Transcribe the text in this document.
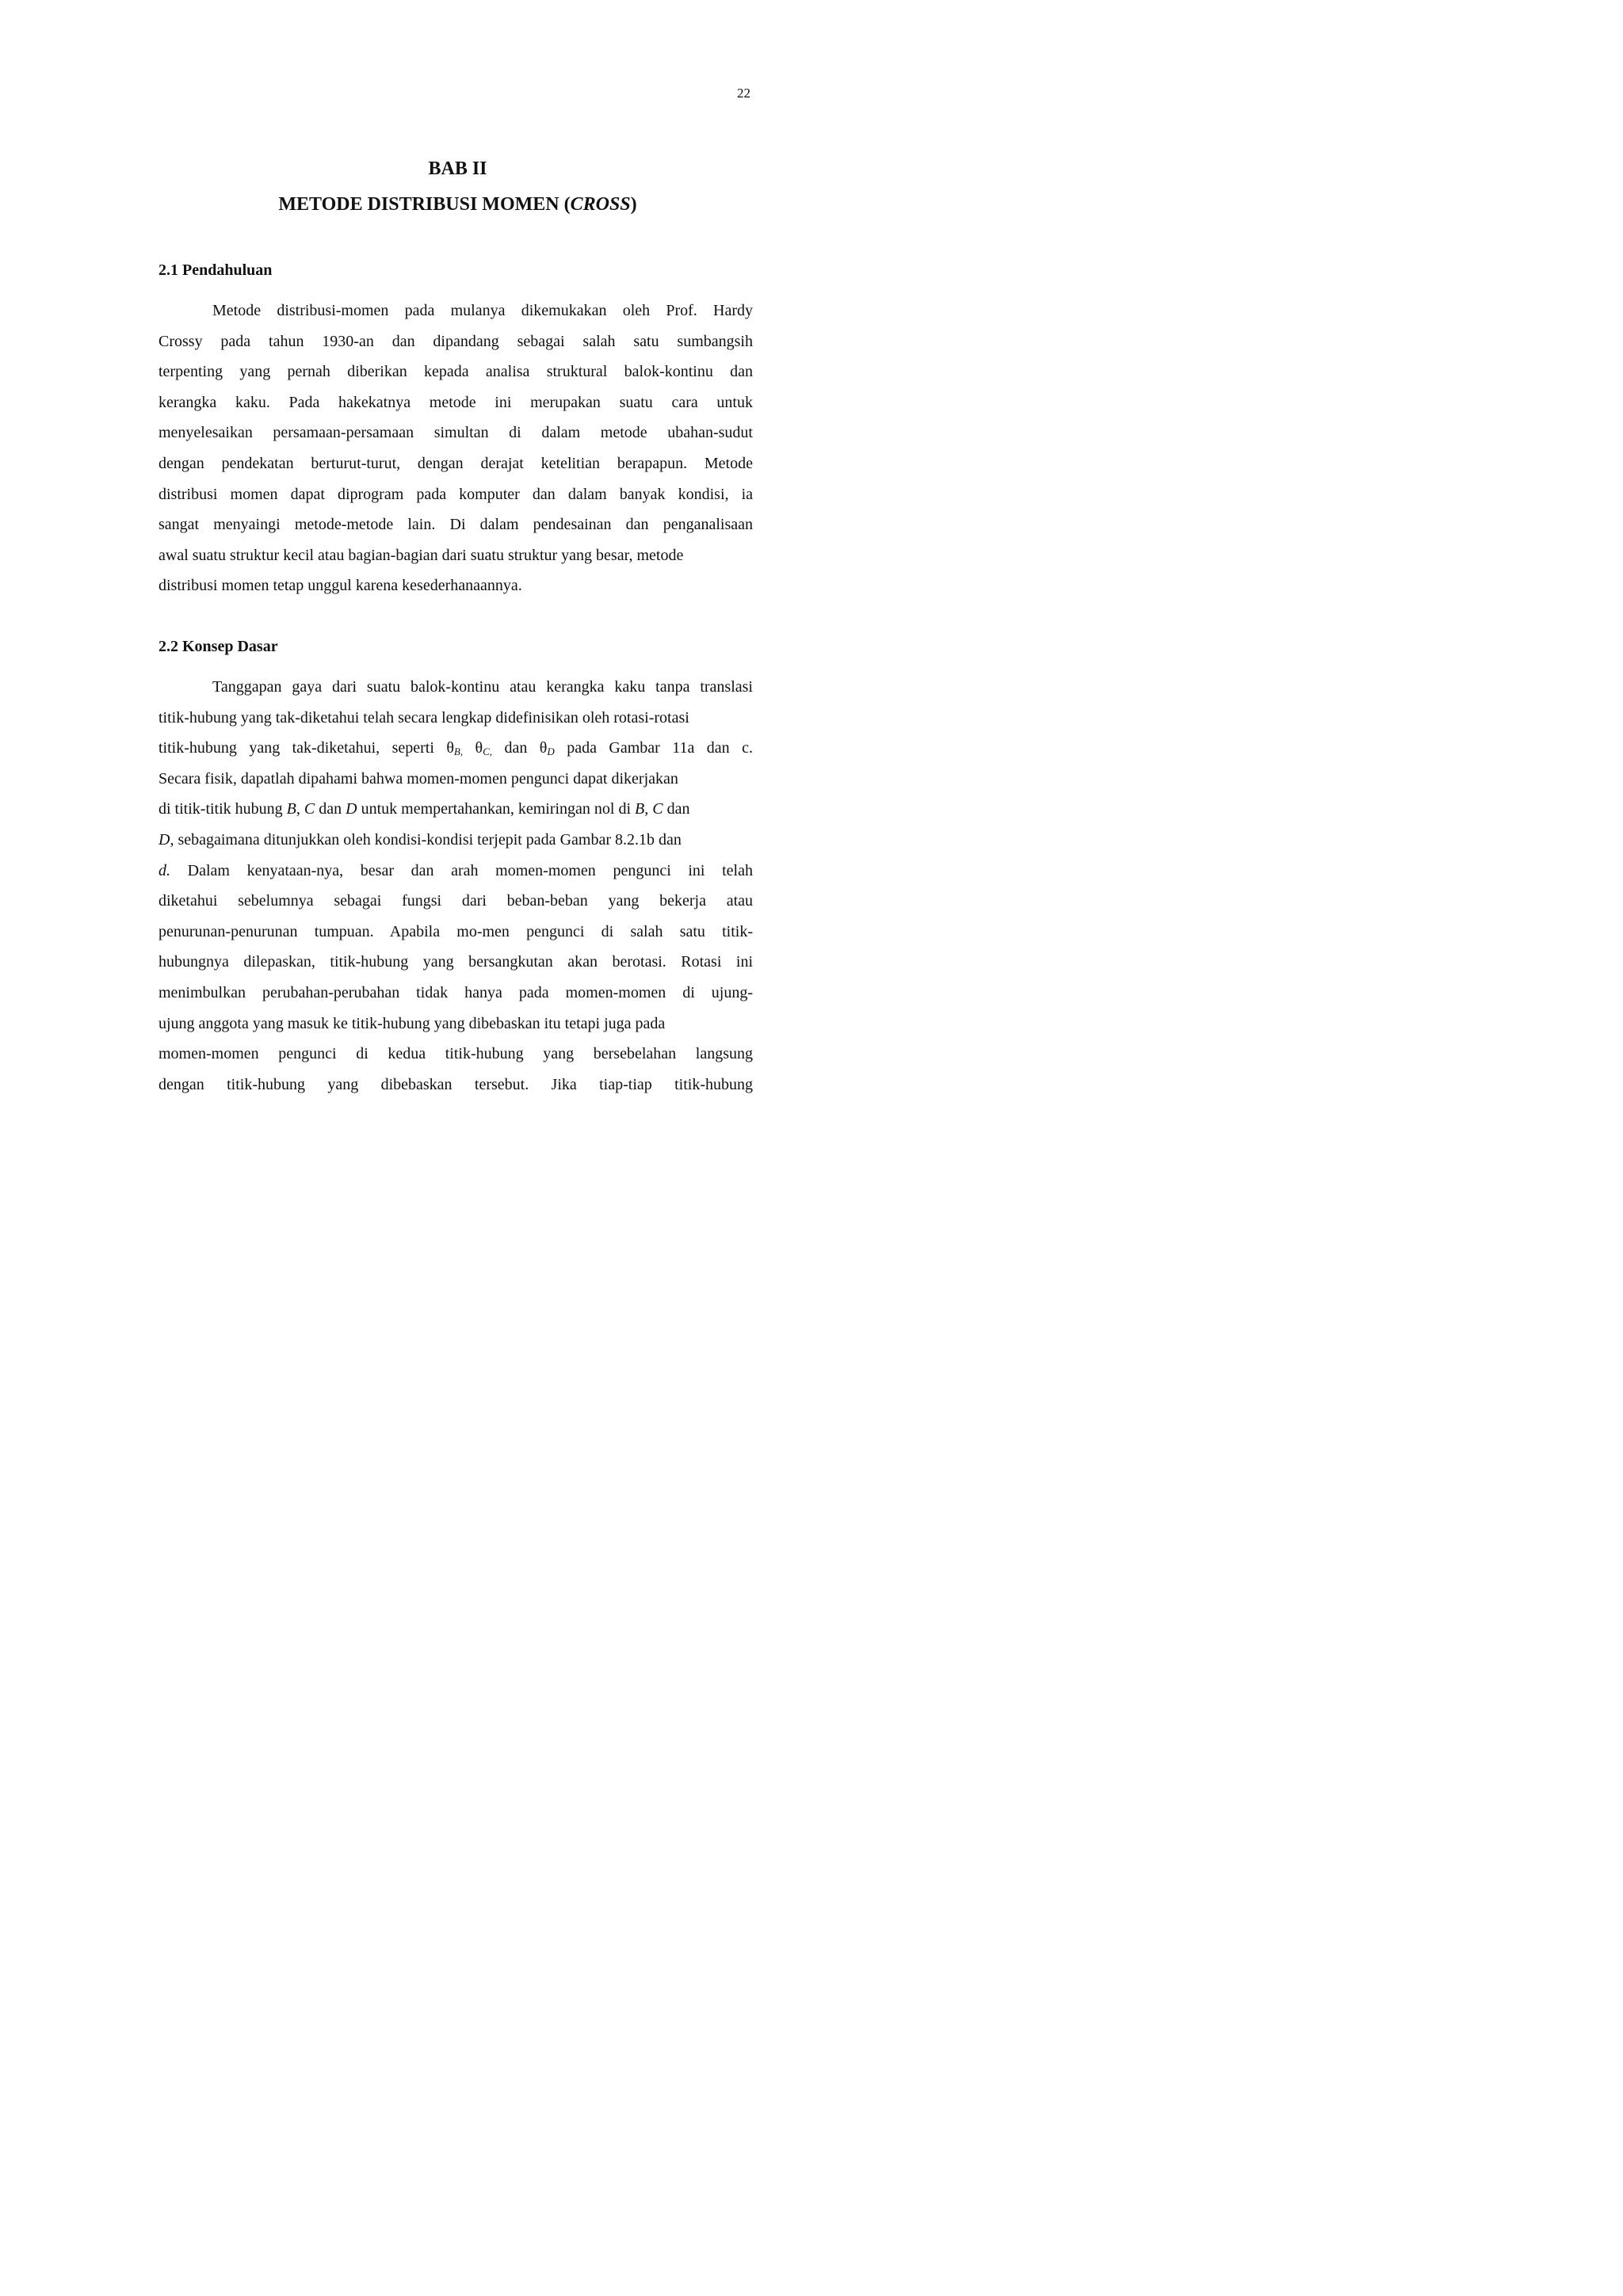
22
BAB II
METODE DISTRIBUSI MOMEN (CROSS)
2.1 Pendahuluan
Metode distribusi-momen pada mulanya dikemukakan oleh Prof. Hardy
Crossy pada tahun 1930-an dan dipandang sebagai salah satu sumbangsih
terpenting yang pernah diberikan kepada analisa struktural balok-kontinu dan
kerangka kaku. Pada hakekatnya metode ini merupakan suatu cara untuk
menyelesaikan persamaan-persamaan simultan di dalam metode ubahan-sudut
dengan pendekatan berturut-turut, dengan derajat ketelitian berapapun. Metode
distribusi momen dapat diprogram pada komputer dan dalam banyak kondisi, ia
sangat menyaingi metode-metode lain. Di dalam pendesainan dan penganalisaan
awal suatu struktur kecil atau bagian-bagian dari suatu struktur yang besar, metode
distribusi momen tetap unggul karena kesederhanaannya.
2.2 Konsep Dasar
Tanggapan gaya dari suatu balok-kontinu atau kerangka kaku tanpa translasi
titik-hubung yang tak-diketahui telah secara lengkap didefinisikan oleh rotasi-rotasi
titik-hubung yang tak-diketahui, seperti $\theta_{B,}$ $\theta_{C,}$ dan $\theta_D$ pada Gambar 11a dan c.
Secara fisik, dapatlah dipahami bahwa momen-momen pengunci dapat dikerjakan
di titik-titik hubung B, C dan D untuk mempertahankan, kemiringan nol di B, C dan
D, sebagaimana ditunjukkan oleh kondisi-kondisi terjepit pada Gambar 8.2.1b dan
d. Dalam kenyataan-nya, besar dan arah momen-momen pengunci ini telah
diketahui sebelumnya sebagai fungsi dari beban-beban yang bekerja atau
penurunan-penurunan tumpuan. Apabila mo-men pengunci di salah satu titik-
hubungnya dilepaskan, titik-hubung yang bersangkutan akan berotasi. Rotasi ini
menimbulkan perubahan-perubahan tidak hanya pada momen-momen di ujung-
ujung anggota yang masuk ke titik-hubung yang dibebaskan itu tetapi juga pada
momen-momen pengunci di kedua titik-hubung yang bersebelahan langsung
dengan titik-hubung yang dibebaskan tersebut. Jika tiap-tiap titik-hubung
